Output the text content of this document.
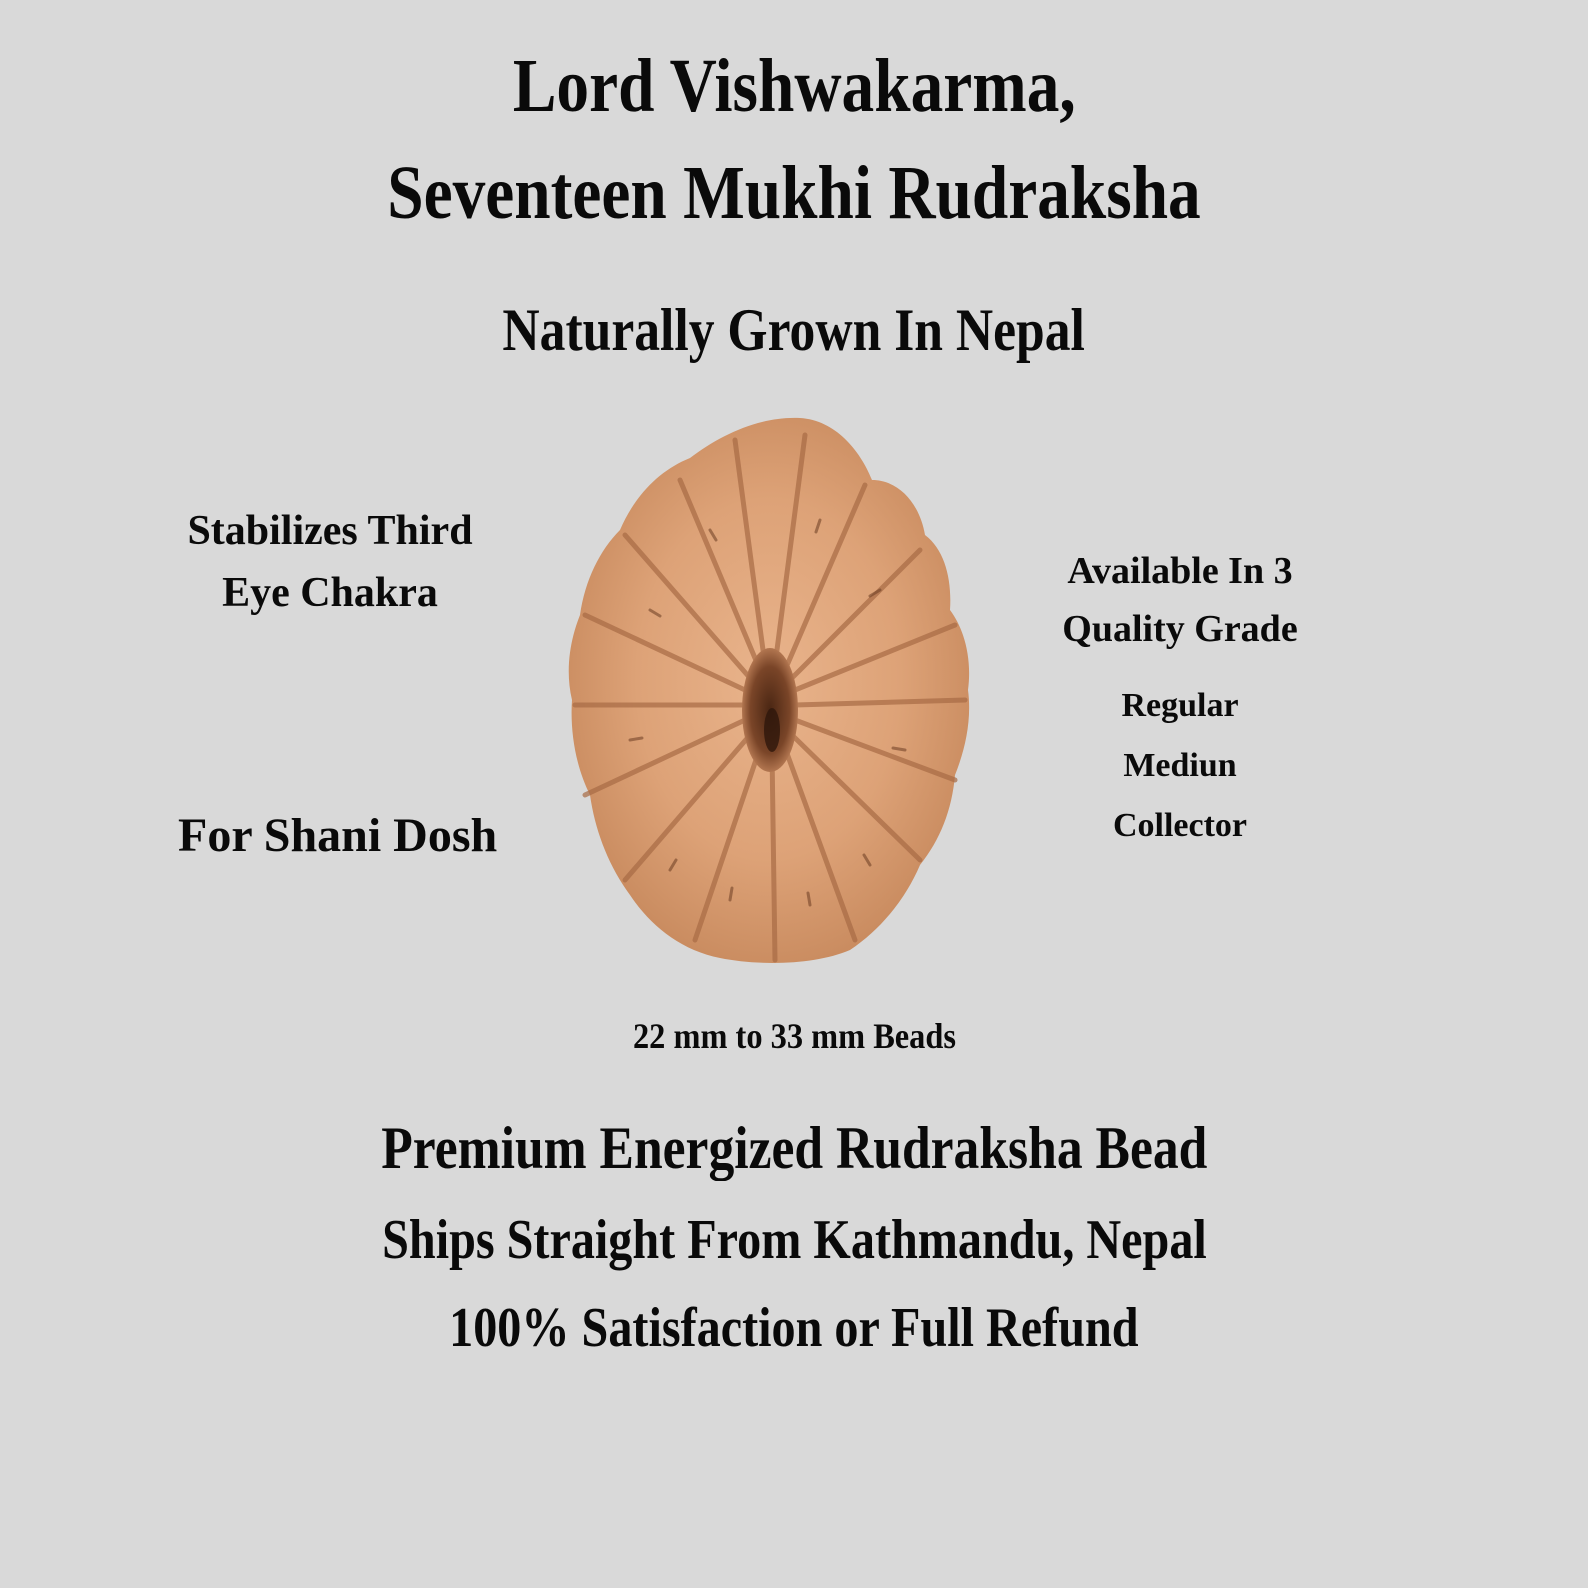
Lord Vishwakarma,
Seventeen Mukhi Rudraksha
Naturally Grown In Nepal
Stabilizes Third
Eye Chakra
For Shani Dosh
Available In 3
Quality Grade
Regular
Mediun
Collector
22 mm to 33 mm Beads
Premium Energized Rudraksha Bead
Ships Straight From Kathmandu, Nepal
100% Satisfaction or Full Refund
